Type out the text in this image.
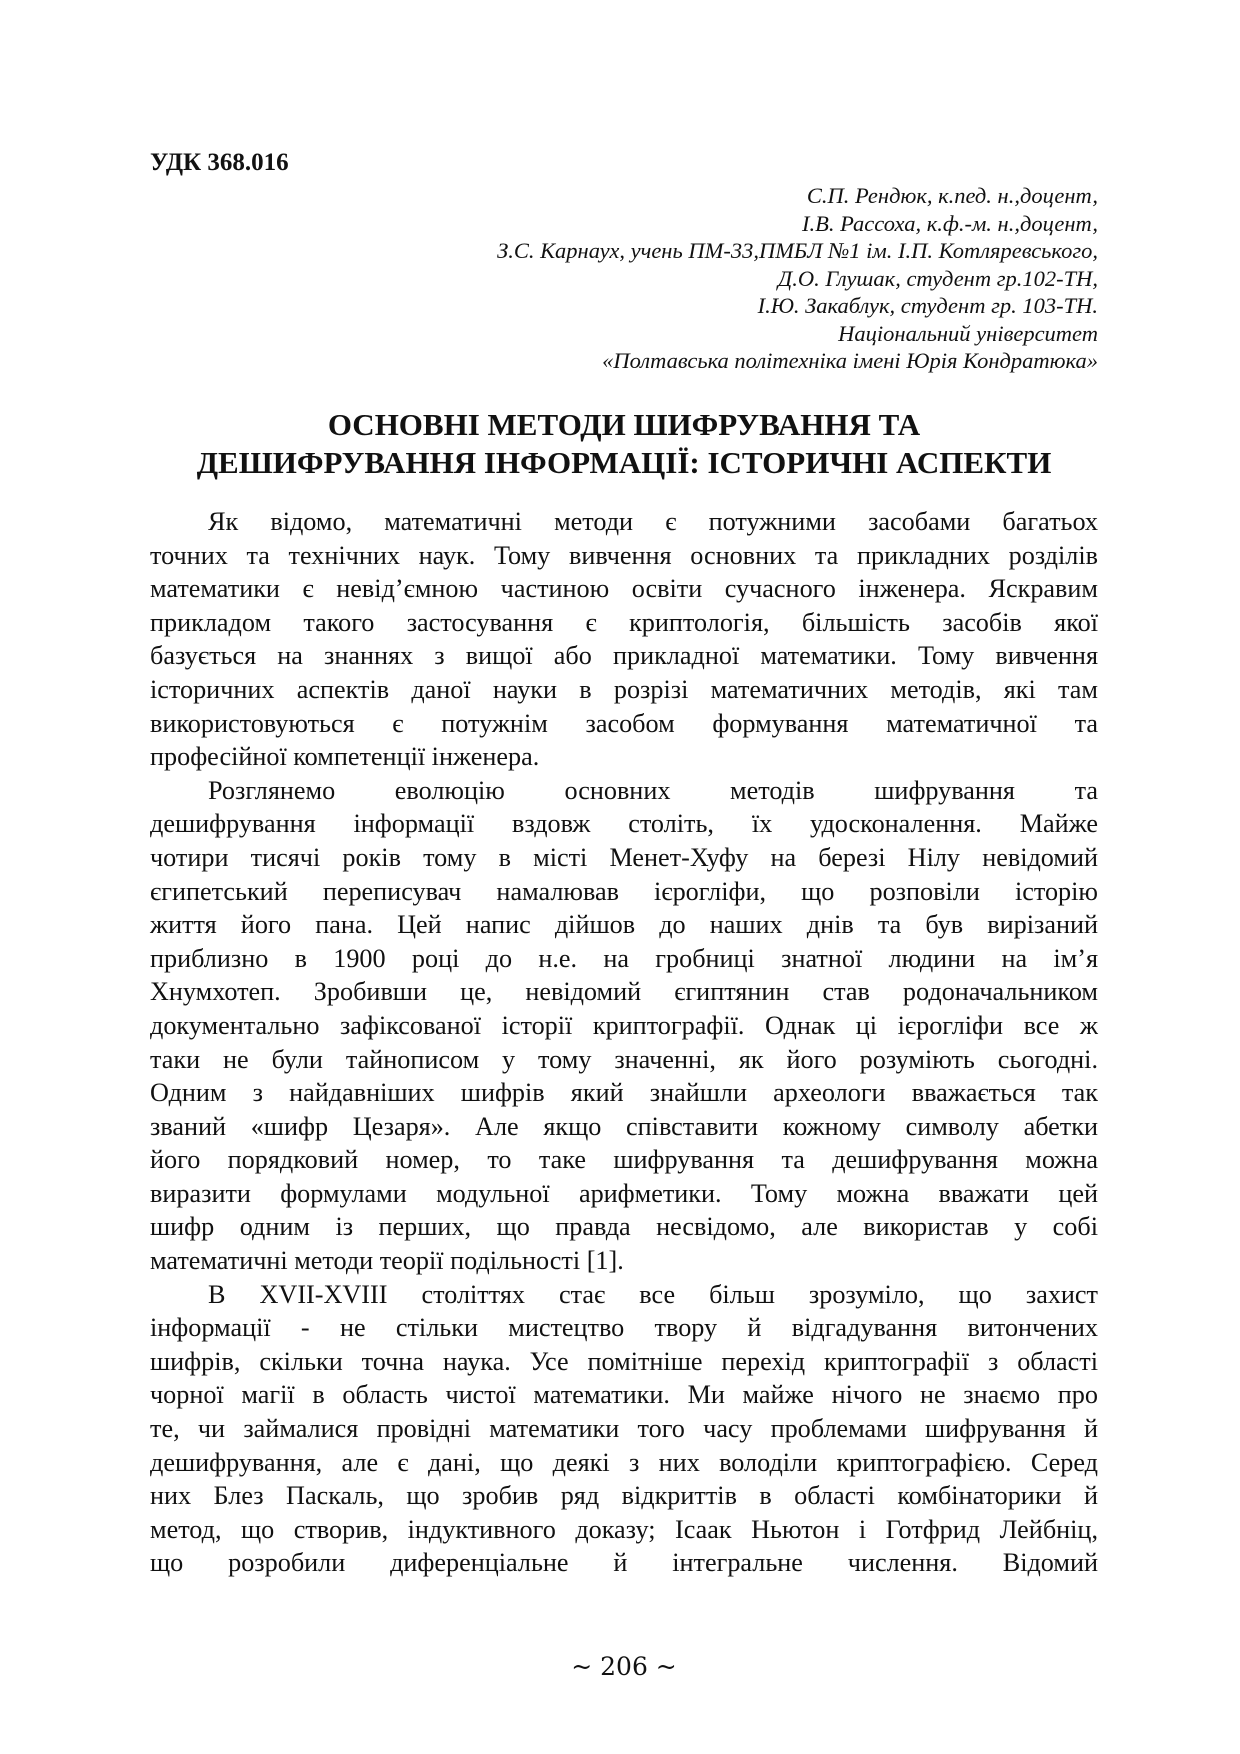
УДК 368.016
С.П. Рендюк, к.пед. н.,доцент,
І.В. Рассоха, к.ф.-м. н.,доцент,
З.С. Карнаух, учень ПМ-33,ПМБЛ №1 ім. І.П. Котляревського,
Д.О. Глушак, студент гр.102-ТН,
І.Ю. Закаблук, студент гр. 103-ТН.
Національний університет
«Полтавська політехніка імені Юрія Кондратюка»
ОСНОВНІ МЕТОДИ ШИФРУВАННЯ ТА
ДЕШИФРУВАННЯ ІНФОРМАЦІЇ: ІСТОРИЧНІ АСПЕКТИ
Як відомо, математичні методи є потужними засобами багатьох
точних та технічних наук. Тому вивчення основних та прикладних розділів
математики є невід’ємною частиною освіти сучасного інженера. Яскравим
прикладом такого застосування є криптологія, більшість засобів якої
базується на знаннях з вищої або прикладної математики. Тому вивчення
історичних аспектів даної науки в розрізі математичних методів, які там
використовуються є потужнім засобом формування математичної та
професійної компетенції інженера.
Розглянемо еволюцію основних методів шифрування та
дешифрування інформації вздовж століть, їх удосконалення. Майже
чотири тисячі років тому в місті Менет-Хуфу на березі Нілу невідомий
єгипетський переписувач намалював ієрогліфи, що розповіли історію
життя його пана. Цей напис дійшов до наших днів та був вирізаний
приблизно в 1900 році до н.е. на гробниці знатної людини на ім’я
Хнумхотеп. Зробивши це, невідомий єгиптянин став родоначальником
документально зафіксованої історії криптографії. Однак ці ієрогліфи все ж
таки не були тайнописом у тому значенні, як його розуміють сьогодні.
Одним з найдавніших шифрів який знайшли археологи вважається так
званий «шифр Цезаря». Але якщо співставити кожному символу абетки
його порядковий номер, то таке шифрування та дешифрування можна
виразити формулами модульної арифметики. Тому можна вважати цей
шифр одним із перших, що правда несвідомо, але використав у собі
математичні методи теорії подільності [1].
В XVII-XVIII століттях стає все більш зрозуміло, що захист
інформації - не стільки мистецтво твору й відгадування витончених
шифрів, скільки точна наука. Усе помітніше перехід криптографії з області
чорної магії в область чистої математики. Ми майже нічого не знаємо про
те, чи займалися провідні математики того часу проблемами шифрування й
дешифрування, але є дані, що деякі з них володіли криптографією. Серед
них Блез Паскаль, що зробив ряд відкриттів в області комбінаторики й
метод, що створив, індуктивного доказу; Ісаак Ньютон і Готфрид Лейбніц,
що розробили диференціальне й інтегральне числення. Відомий
~ 206 ~
